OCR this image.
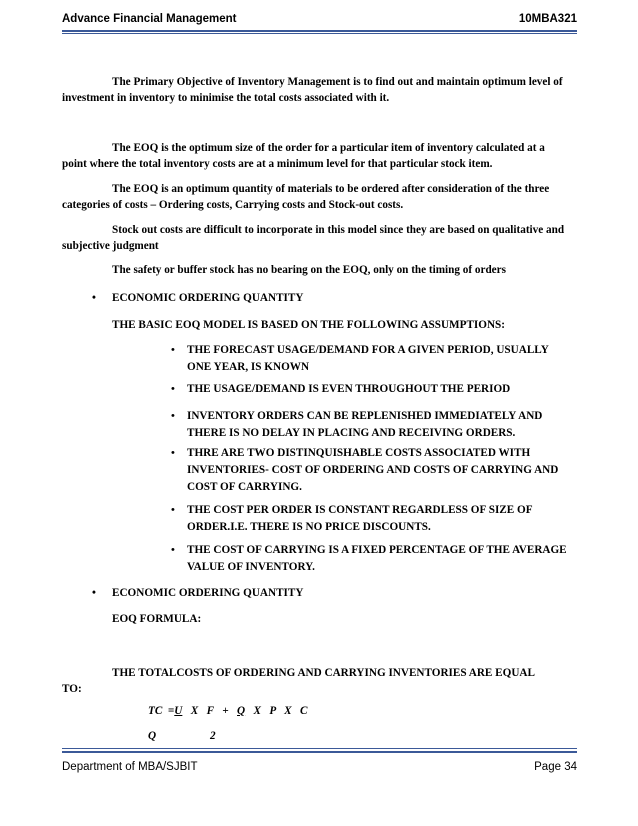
Advance Financial Management	10MBA321
The Primary Objective of Inventory Management is to find out and maintain optimum level of investment in inventory to minimise the total costs associated with it.
The EOQ is the optimum size of the order for a particular item of inventory calculated at a point where the total inventory costs are at a minimum level for that particular stock item.
The EOQ is an optimum quantity of materials to be ordered after consideration of the three categories of costs – Ordering costs, Carrying costs and Stock-out costs.
Stock out costs are difficult to incorporate in this model since they are based on qualitative and subjective judgment
The safety or buffer stock has no bearing on the EOQ, only on the timing of orders
• ECONOMIC ORDERING QUANTITY
THE BASIC EOQ MODEL IS BASED ON THE FOLLOWING ASSUMPTIONS:
• THE FORECAST USAGE/DEMAND FOR A GIVEN PERIOD, USUALLY ONE YEAR, IS KNOWN
• THE USAGE/DEMAND IS EVEN THROUGHOUT THE PERIOD
• INVENTORY ORDERS CAN BE REPLENISHED IMMEDIATELY AND THERE IS NO DELAY IN PLACING AND RECEIVING ORDERS.
• THRE ARE TWO DISTINQUISHABLE COSTS ASSOCIATED WITH INVENTORIES- COST OF ORDERING AND COSTS OF CARRYING AND COST OF CARRYING.
• THE COST PER ORDER IS CONSTANT REGARDLESS OF SIZE OF ORDER.I.E. THERE IS NO PRICE DISCOUNTS.
• THE COST OF CARRYING IS A FIXED PERCENTAGE OF THE AVERAGE VALUE OF INVENTORY.
• ECONOMIC ORDERING QUANTITY
EOQ FORMULA:
THE TOTALCOSTS OF ORDERING AND CARRYING INVENTORIES ARE EQUAL
TO:
TC  =U   X   F   +   Q   X   P   X   C
Q	2
Department of MBA/SJBIT	Page 34
